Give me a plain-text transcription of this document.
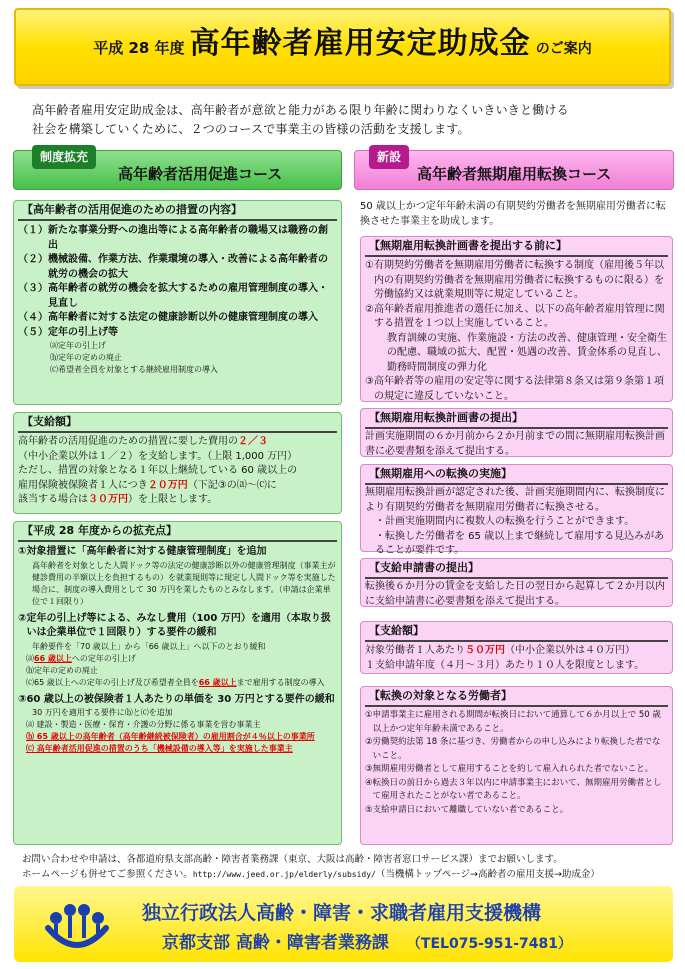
平成 28 年度 高年齢者雇用安定助成金 のご案内
高年齢者雇用安定助成金は、高年齢者が意欲と能力がある限り年齢に関わりなくいきいきと働ける
社会を構築していくために、２つのコースで事業主の皆様の活動を支援します。
制度拡充
高年齢者活用促進コース
新設
高年齢者無期雇用転換コース
【高年齢者の活用促進のための措置の内容】
（１） 新たな事業分野への進出等による高年齢者の職場又は職務の創出
（２） 機械設備、作業方法、作業環境の導入・改善による高年齢者の就労の機会の拡大
（３） 高年齢者の就労の機会を拡大するための雇用管理制度の導入・見直し
（４） 高年齢者に対する法定の健康診断以外の健康管理制度の導入
（５） 定年の引上げ等
⒜定年の引上げ
⒝定年の定めの廃止
⒞希望者全員を対象とする継続雇用制度の導入
【支給額】
高年齢者の活用促進のための措置に要した費用の２／３
（中小企業以外は１／２）を支給します。（上限 1,000 万円）
ただし、措置の対象となる１年以上継続している 60 歳以上の
雇用保険被保険者１人につき２０万円（下記③の⒜～⒞に
該当する場合は３０万円）を上限とします。
【平成 28 年度からの拡充点】
① 対象措置に「高年齢者に対する健康管理制度」を追加
高年齢者を対象とした人間ドック等の法定の健康診断以外の健康管理制度（事業主が健診費用の半額以上を負担するもの）を就業規則等に規定し人間ドック等を実施した場合に、制度の導入費用として 30 万円を業したものとみなします。（申請は企業単位で１回限り）
② 定年の引上げ等による、みなし費用（100 万円）を適用（本取り扱いは企業単位で１回限り）する要件の緩和
年齢要件を「70 歳以上」から「66 歳以上」へ以下のとおり緩和
⒜66 歳以上への定年の引上げ
⒝定年の定めの廃止
⒞65 歳以上への定年の引上げ及び希望者全員を66 歳以上まで雇用する制度の導入
③ 60 歳以上の被保険者１人あたりの単価を 30 万円とする要件の緩和
30 万円を適用する要件に⒝と⒞を追加
⒜ 建設・製造・医療・保育・介護の分野に係る事業を営む事業主
⒝ 65 歳以上の高年齢者（高年齢継続被保険者）の雇用割合が４％以上の事業所
⒞ 高年齢者活用促進の措置のうち「機械設備の導入等」を実施した事業主
50 歳以上かつ定年年齢未満の有期契約労働者を無期雇用労働者に転換させた事業主を助成します。
【無期雇用転換計画書を提出する前に】
① 有期契約労働者を無期雇用労働者に転換する制度（雇用後５年以内の有期契約労働者を無期雇用労働者に転換するものに限る）を労働協約又は就業規則等に規定していること。
② 高年齢者雇用推進者の選任に加え、以下の高年齢者雇用管理に関する措置を１つ以上実施していること。
教育訓練の実施、作業施設・方法の改善、健康管理・安全衛生の配慮、職域の拡大、配置・処遇の改善、賃金体系の見直し、勤務時間制度の弾力化
③ 高年齢者等の雇用の安定等に関する法律第８条又は第９条第１項の規定に違反していないこと。
【無期雇用転換計画書の提出】
計画実施期間の６か月前から２か月前までの間に無期雇用転換計画書に必要書類を添えて提出する。
【無期雇用への転換の実施】
無期雇用転換計画が認定された後、計画実施期間内に、転換制度により有期契約労働者を無期雇用労働者に転換させる。
・計画実施期間内に複数人の転換を行うことができます。
・転換した労働者を 65 歳以上まで継続して雇用する見込みがあることが要件です。
【支給申請書の提出】
転換後６か月分の賃金を支給した日の翌日から起算して２か月以内に支給申請書に必要書類を添えて提出する。
【支給額】
対象労働者１人あたり５０万円（中小企業以外は４０万円）
１支給申請年度（４月～３月）あたり１０人を限度とします。
【転換の対象となる労働者】
① 申請事業主に雇用される期間が転換日において通算して６か月以上で 50 歳以上かつ定年年齢未満であること。
② 労働契約法第 18 条に基づき、労働者からの申し込みにより転換した者でないこと。
③ 無期雇用労働者として雇用することを約して雇入れられた者でないこと。
④ 転換日の前日から過去３年以内に申請事業主において、無期雇用労働者として雇用されたことがない者であること。
⑤ 支給申請日において離職していない者であること。
お問い合わせや申請は、各都道府県支部高齢・障害者業務課（東京、大阪は高齢・障害者窓口サービス課）までお願いします。
ホームページも併せてご参照ください。http://www.jeed.or.jp/elderly/subsidy/（当機構トップページ→高齢者の雇用支援→助成金）
独立行政法人高齢・障害・求職者雇用支援機構
京都支部 高齢・障害者業務課 （TEL075-951-7481）
